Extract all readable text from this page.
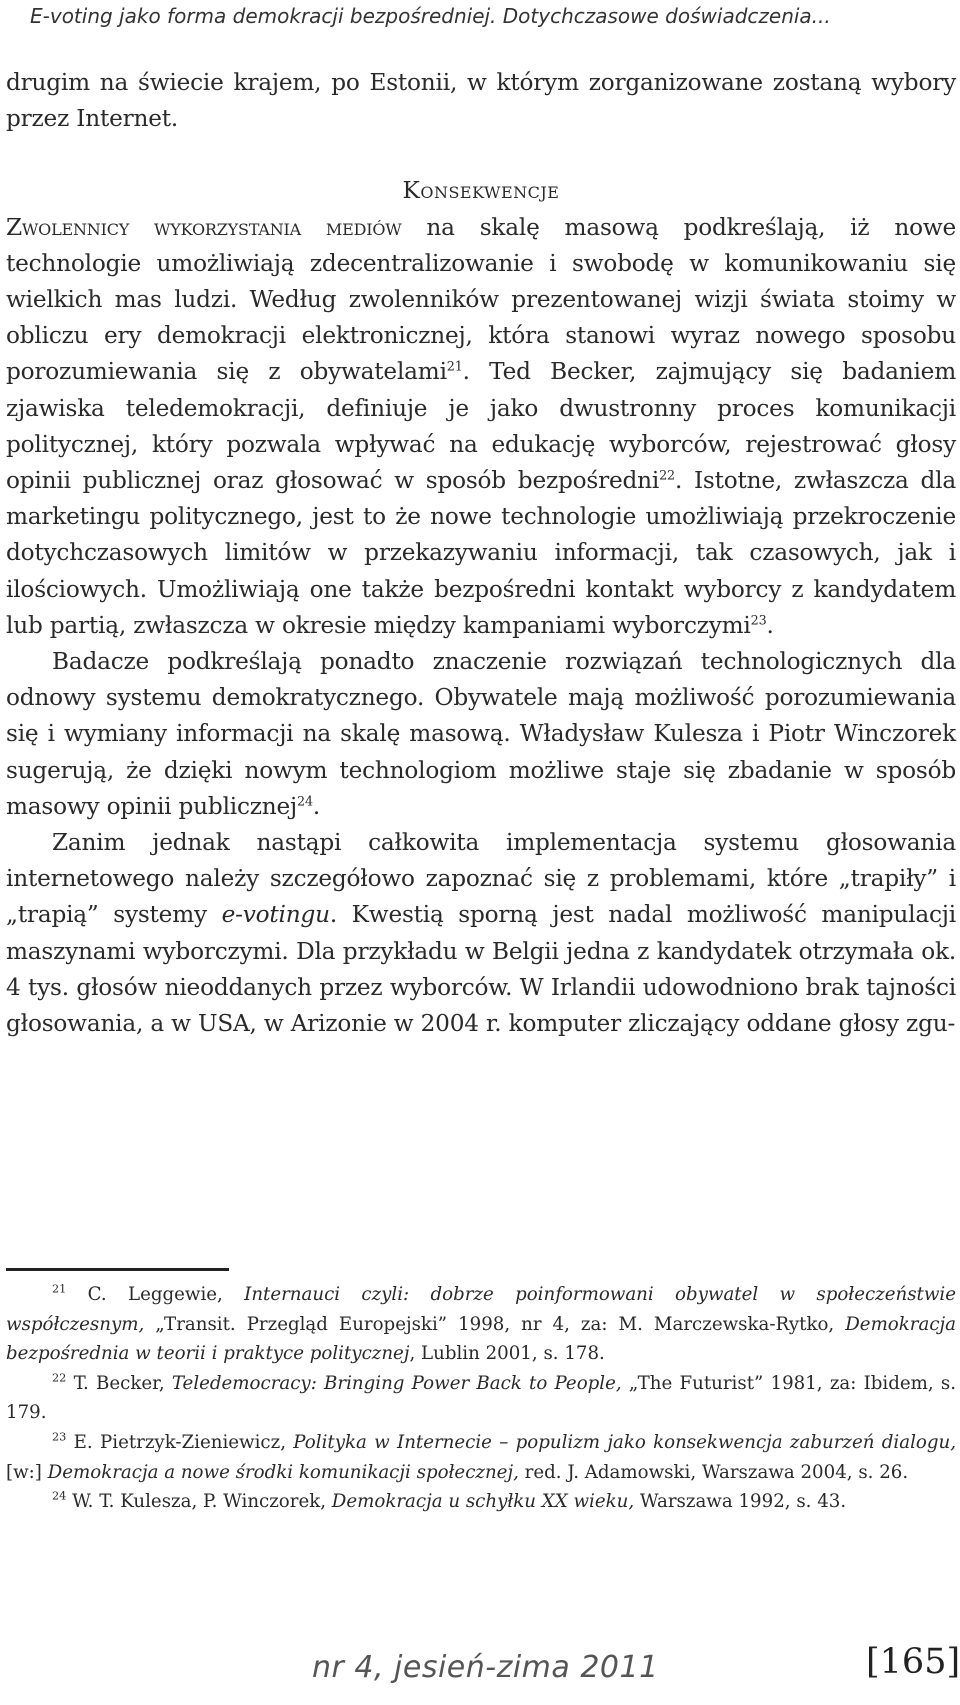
E-voting jako forma demokracji bezpośredniej. Dotychczasowe doświadczenia...

drugim na świecie krajem, po Estonii, w którym zorganizowane zostaną wybory przez Internet.

Konsekwencje

Zwolennicy wykorzystania mediów na skalę masową podkreślają, iż nowe technologie umożliwiają zdecentralizowanie i swobodę w komunikowaniu się wielkich mas ludzi. Według zwolenników prezentowanej wizji świata stoimy w obliczu ery demokracji elektronicznej, która stanowi wyraz nowego sposobu porozumiewania się z obywatelami$^{21}$. Ted Becker, zajmujący się badaniem zjawiska teledemokracji, definiuje je jako dwustronny proces komunikacji politycznej, który pozwala wpływać na edukację wyborców, rejestrować głosy opinii publicznej oraz głosować w sposób bezpośredni$^{22}$. Istotne, zwłaszcza dla marketingu politycznego, jest to że nowe technologie umożliwiają przekroczenie dotychczasowych limitów w przekazywaniu informacji, tak czasowych, jak i ilościowych. Umożliwiają one także bezpośredni kontakt wyborcy z kandydatem lub partią, zwłaszcza w okresie między kampaniami wyborczymi$^{23}$.

Badacze podkreślają ponadto znaczenie rozwiązań technologicznych dla odnowy systemu demokratycznego. Obywatele mają możliwość porozumiewania się i wymiany informacji na skalę masową. Władysław Kulesza i Piotr Winczorek sugerują, że dzięki nowym technologiom możliwe staje się zbadanie w sposób masowy opinii publicznej$^{24}$.

Zanim jednak nastąpi całkowita implementacja systemu głosowania internetowego należy szczegółowo zapoznać się z problemami, które „trapiły” i „trapią” systemy e-votingu. Kwestią sporną jest nadal możliwość manipulacji maszynami wyborczymi. Dla przykładu w Belgii jedna z kandydatek otrzymała ok. 4 tys. głosów nieoddanych przez wyborców. W Irlandii udowodniono brak tajności głosowania, a w USA, w Arizonie w 2004 r. komputer zliczający oddane głosy zgu-

$^{21}$ C. Leggewie, Internauci czyli: dobrze poinformowani obywatel w społeczeństwie współczesnym, „Transit. Przegląd Europejski” 1998, nr 4, za: M. Marczewska-Rytko, Demokracja bezpośrednia w teorii i praktyce politycznej, Lublin 2001, s. 178.

$^{22}$ T. Becker, Teledemocracy: Bringing Power Back to People, „The Futurist” 1981, za: Ibidem, s. 179.

$^{23}$ E. Pietrzyk-Zieniewicz, Polityka w Internecie – populizm jako konsekwencja zaburzeń dialogu, [w:] Demokracja a nowe środki komunikacji społecznej, red. J. Adamowski, Warszawa 2004, s. 26.

$^{24}$ W. T. Kulesza, P. Winczorek, Demokracja u schyłku XX wieku, Warszawa 1992, s. 43.

nr 4, jesień-zima 2011	[165]
